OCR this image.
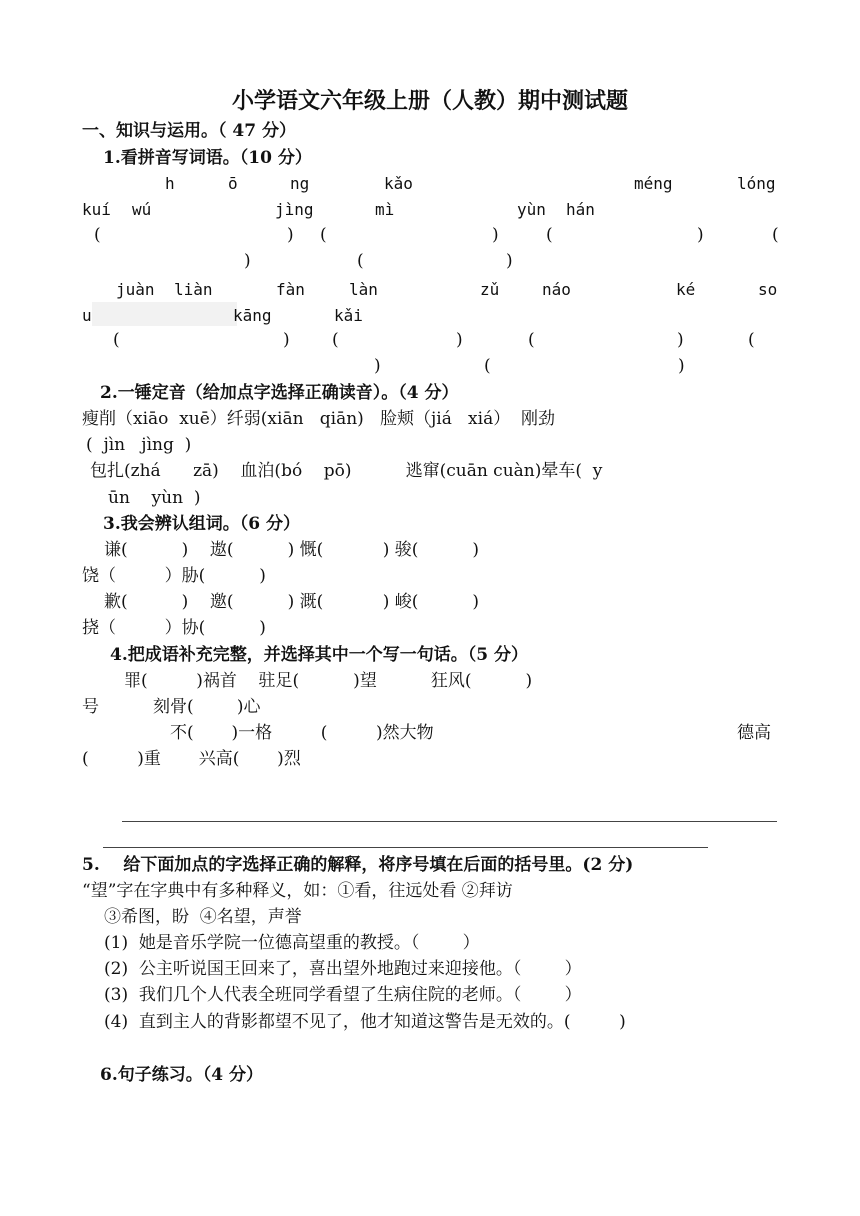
小学语文六年级上册（人教）期中测试题
一、知识与运用。（ 47 分）
1.看拼音写词语。（10 分）
h	ō	ng	kǎo	méng	lóng
kuí wú	jìng	mì	yùn hán
(	) (	)	(	)	(
)	(	)
juàn liàn	fàn	làn	zǔ	náo	ké	so
u	kāng	kǎi
(	) (	)	(	)	(
)	(	)
2.一锤定音（给加点字选择正确读音）。（4 分）
瘦削（xiāo  xuē）纤弱(xiān   qiān)   脸颊（jiá   xiá）  刚劲
(  jìn   jìng  )
包扎(zhá      zā)    血泊(bó    pō)          逃窜(cuān cuàn)晕车(  y
ūn    yùn  )
3.我会辨认组词。（6 分）
谦(          )    遨(          ) 慨(           ) 骏(          )
饶（         ）胁(          )
歉(          )    邀(          ) 溉(           ) 峻(          )
挠（         ）协(          )
4.把成语补充完整，并选择其中一个写一句话。（5 分）
罪(         )祸首    驻足(          )望          狂风(          )
号          刻骨(        )心
不(       )一格         (         )然大物	德高
(         )重       兴高(       )烈
5.    给下面加点的字选择正确的解释，将序号填在后面的括号里。(2 分)
“望”字在字典中有多种释义，如：①看，往远处看 ②拜访
③希图，盼  ④名望，声誉
(1)  她是音乐学院一位德高望重的教授。（        ）
(2)  公主听说国王回来了，喜出望外地跑过来迎接他。（        ）
(3)  我们几个人代表全班同学看望了生病住院的老师。（        ）
(4)  直到主人的背影都望不见了，他才知道这警告是无效的。(         )
6.句子练习。（4 分）
